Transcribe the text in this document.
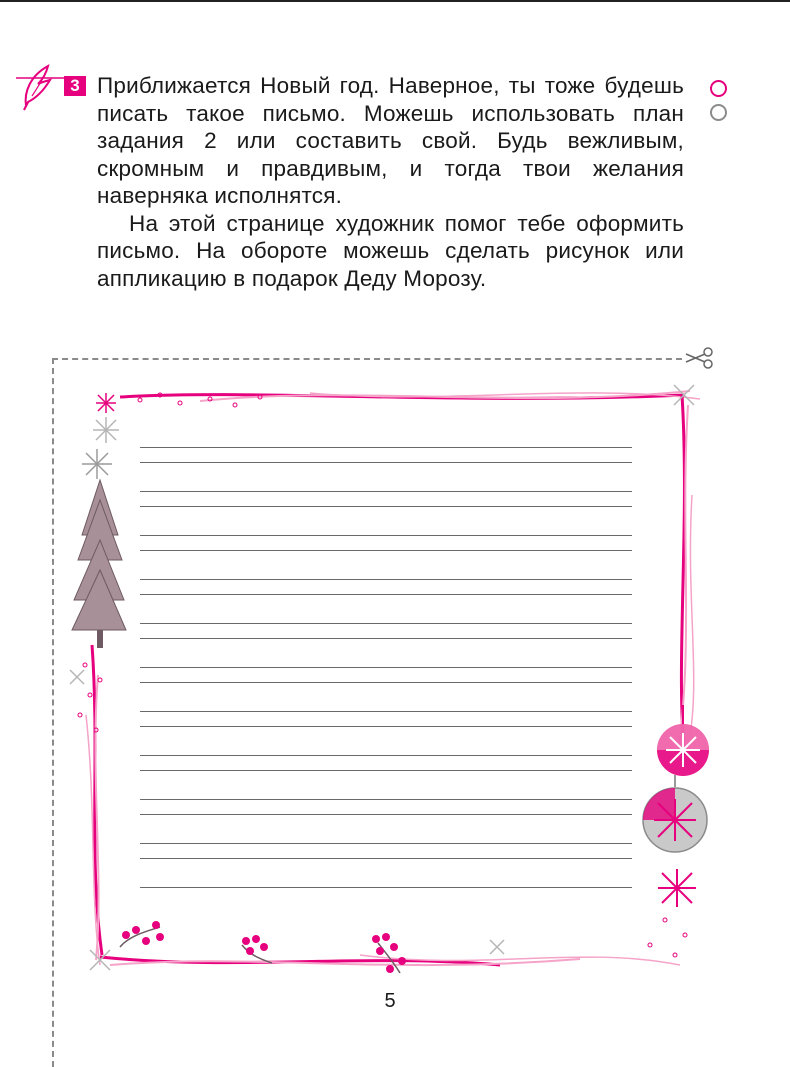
3 Приближается Новый год. Наверное, ты тоже будешь писать такое письмо. Можешь использовать план задания 2 или составить свой. Будь вежливым, скромным и правдивым, и тогда твои желания наверняка исполнятся.

На этой странице художник помог тебе оформить письмо. На обороте можешь сделать рисунок или аппликацию в подарок Деду Морозу.

5
